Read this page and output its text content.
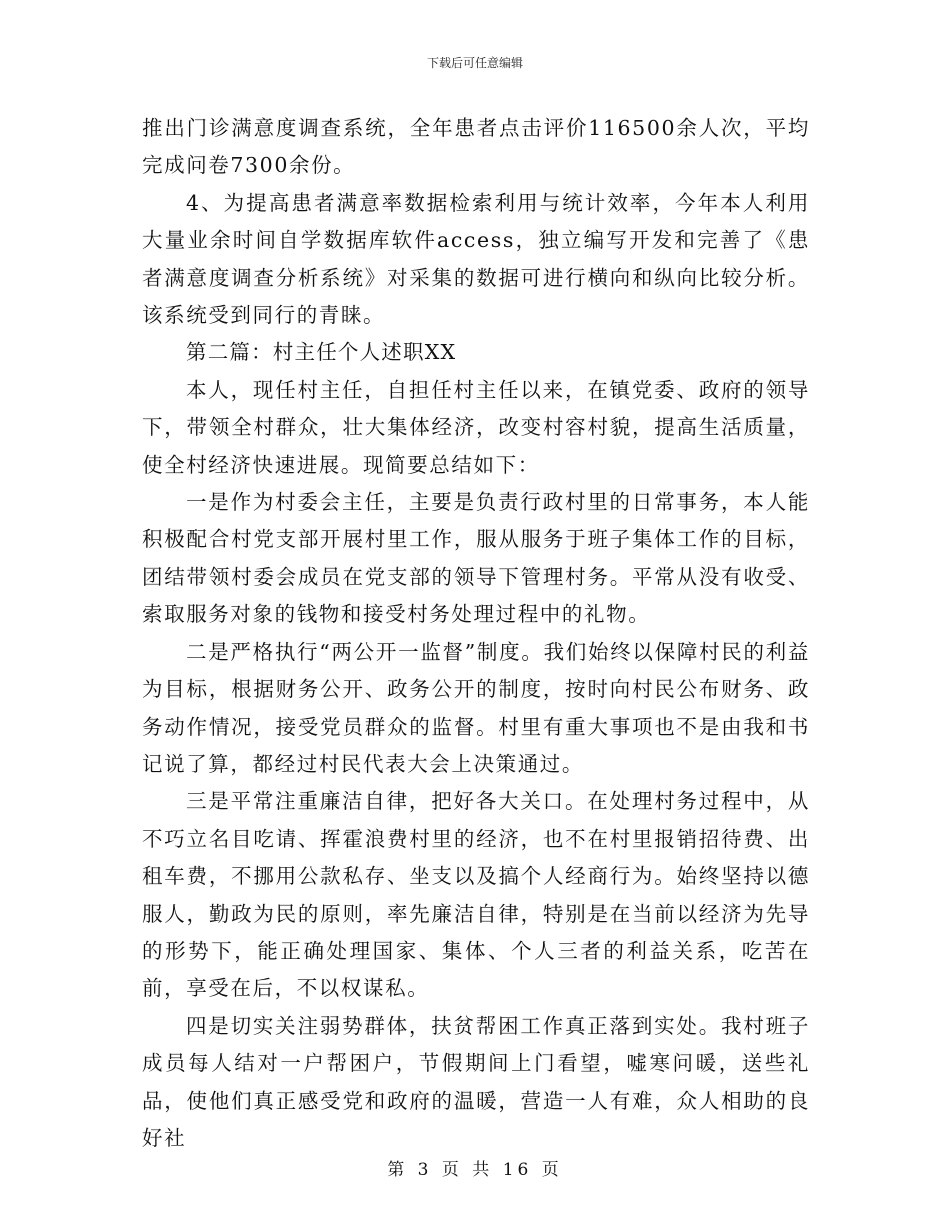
下载后可任意编辑

推出门诊满意度调查系统，全年患者点击评价116500余人次，平均完成问卷7300余份。

4、为提高患者满意率数据检索利用与统计效率，今年本人利用大量业余时间自学数据库软件access，独立编写开发和完善了《患者满意度调查分析系统》对采集的数据可进行横向和纵向比较分析。该系统受到同行的青睐。

第二篇：村主任个人述职XX

本人，现任村主任，自担任村主任以来，在镇党委、政府的领导下，带领全村群众，壮大集体经济，改变村容村貌，提高生活质量，使全村经济快速进展。现简要总结如下：

一是作为村委会主任，主要是负责行政村里的日常事务，本人能积极配合村党支部开展村里工作，服从服务于班子集体工作的目标，团结带领村委会成员在党支部的领导下管理村务。平常从没有收受、索取服务对象的钱物和接受村务处理过程中的礼物。

二是严格执行“两公开一监督”制度。我们始终以保障村民的利益为目标，根据财务公开、政务公开的制度，按时向村民公布财务、政务动作情况，接受党员群众的监督。村里有重大事项也不是由我和书记说了算，都经过村民代表大会上决策通过。

三是平常注重廉洁自律，把好各大关口。在处理村务过程中，从不巧立名目吃请、挥霍浪费村里的经济，也不在村里报销招待费、出租车费，不挪用公款私存、坐支以及搞个人经商行为。始终坚持以德服人，勤政为民的原则，率先廉洁自律，特别是在当前以经济为先导的形势下，能正确处理国家、集体、个人三者的利益关系，吃苦在前，享受在后，不以权谋私。

四是切实关注弱势群体，扶贫帮困工作真正落到实处。我村班子成员每人结对一户帮困户，节假期间上门看望，嘘寒问暖，送些礼品，使他们真正感受党和政府的温暖，营造一人有难，众人相助的良好社

第 3 页 共 16 页
